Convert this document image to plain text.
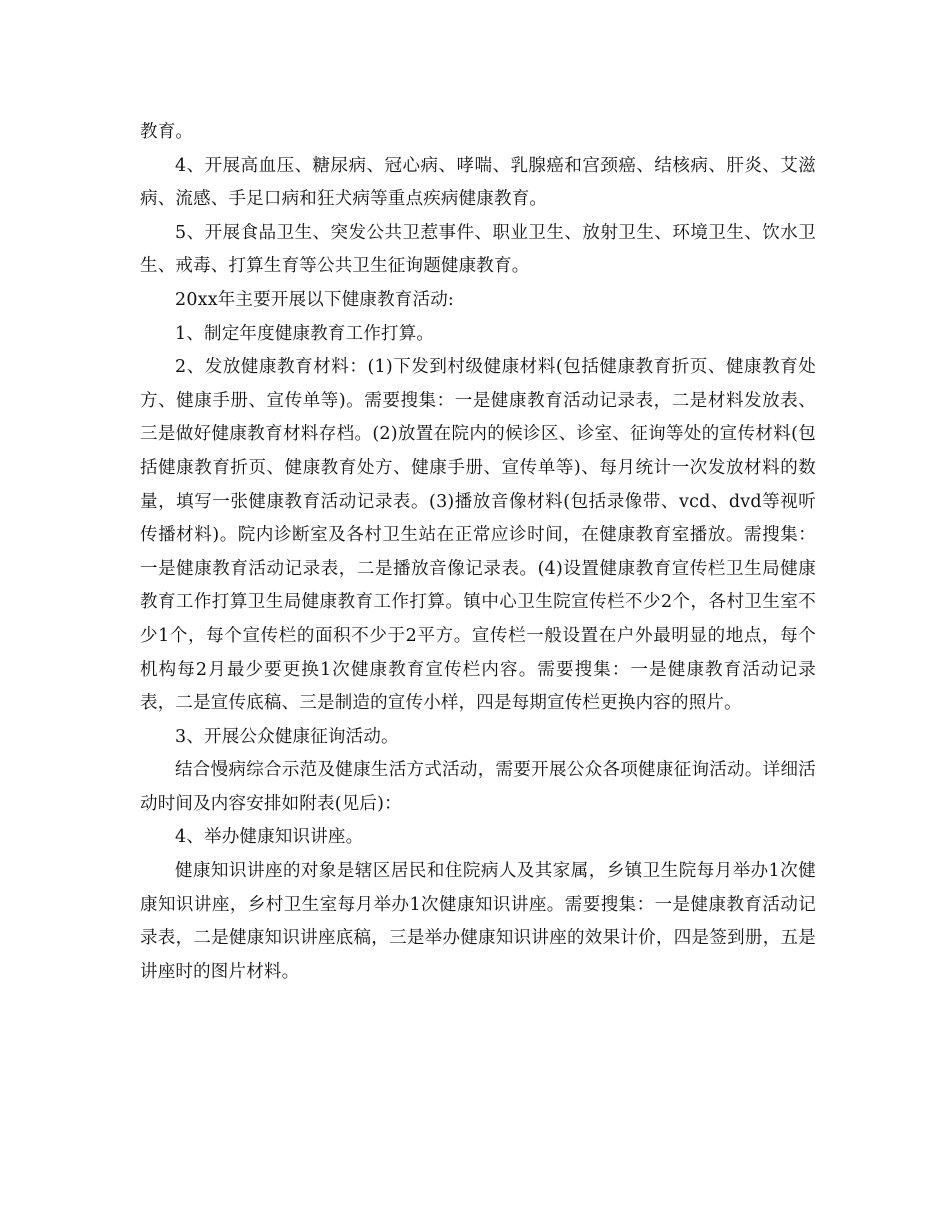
教育。

4、开展高血压、糖尿病、冠心病、哮喘、乳腺癌和宫颈癌、结核病、肝炎、艾滋病、流感、手足口病和狂犬病等重点疾病健康教育。

5、开展食品卫生、突发公共卫惹事件、职业卫生、放射卫生、环境卫生、饮水卫生、戒毒、打算生育等公共卫生征询题健康教育。

20xx年主要开展以下健康教育活动:

1、制定年度健康教育工作打算。

2、发放健康教育材料：(1)下发到村级健康材料(包括健康教育折页、健康教育处方、健康手册、宣传单等)。需要搜集：一是健康教育活动记录表，二是材料发放表、三是做好健康教育材料存档。(2)放置在院内的候诊区、诊室、征询等处的宣传材料(包括健康教育折页、健康教育处方、健康手册、宣传单等)、每月统计一次发放材料的数量，填写一张健康教育活动记录表。(3)播放音像材料(包括录像带、vcd、dvd等视听传播材料)。院内诊断室及各村卫生站在正常应诊时间，在健康教育室播放。需搜集：一是健康教育活动记录表，二是播放音像记录表。(4)设置健康教育宣传栏卫生局健康教育工作打算卫生局健康教育工作打算。镇中心卫生院宣传栏不少2个，各村卫生室不少1个，每个宣传栏的面积不少于2平方。宣传栏一般设置在户外最明显的地点，每个机构每2月最少要更换1次健康教育宣传栏内容。需要搜集：一是健康教育活动记录表，二是宣传底稿、三是制造的宣传小样，四是每期宣传栏更换内容的照片。

3、开展公众健康征询活动。

结合慢病综合示范及健康生活方式活动，需要开展公众各项健康征询活动。详细活动时间及内容安排如附表(见后)：

4、举办健康知识讲座。

健康知识讲座的对象是辖区居民和住院病人及其家属，乡镇卫生院每月举办1次健康知识讲座，乡村卫生室每月举办1次健康知识讲座。需要搜集：一是健康教育活动记录表，二是健康知识讲座底稿，三是举办健康知识讲座的效果计价，四是签到册，五是讲座时的图片材料。
